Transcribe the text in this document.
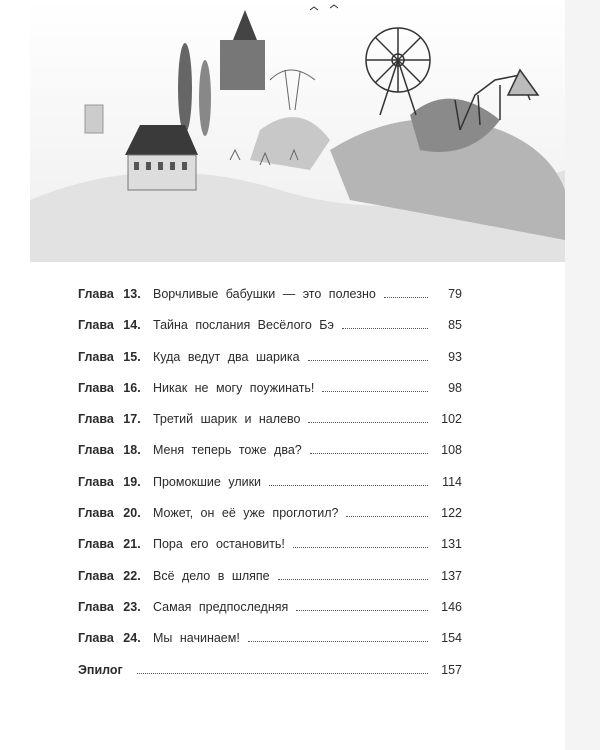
Глава 13. Ворчливые бабушки — это полезно	79
Глава 14. Тайна послания Весёлого Бэ	85
Глава 15. Куда ведут два шарика	93
Глава 16. Никак не могу поужинать!	98
Глава 17. Третий шарик и налево	102
Глава 18. Меня теперь тоже два?	108
Глава 19. Промокшие улики	114
Глава 20. Может, он её уже проглотил?	122
Глава 21. Пора его остановить!	131
Глава 22. Всё дело в шляпе	137
Глава 23. Самая предпоследняя	146
Глава 24. Мы начинаем!	154
Эпилог	157
